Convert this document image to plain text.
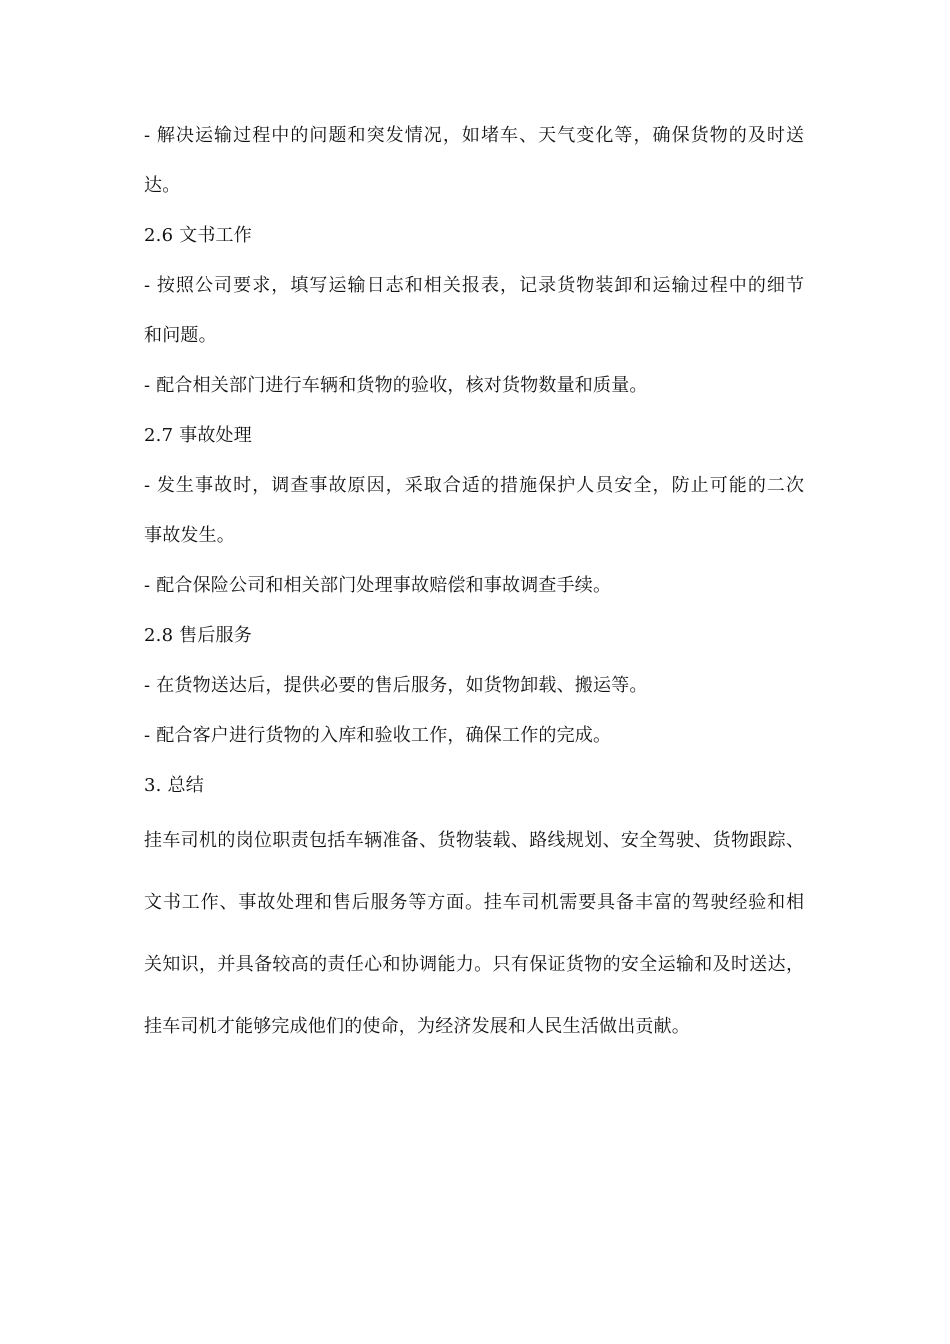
- 解决运输过程中的问题和突发情况，如堵车、天气变化等，确保货物的及时送
达。
2.6 文书工作
- 按照公司要求，填写运输日志和相关报表，记录货物装卸和运输过程中的细节
和问题。
- 配合相关部门进行车辆和货物的验收，核对货物数量和质量。
2.7 事故处理
- 发生事故时，调查事故原因，采取合适的措施保护人员安全，防止可能的二次
事故发生。
- 配合保险公司和相关部门处理事故赔偿和事故调查手续。
2.8 售后服务
- 在货物送达后，提供必要的售后服务，如货物卸载、搬运等。
- 配合客户进行货物的入库和验收工作，确保工作的完成。
3. 总结
挂车司机的岗位职责包括车辆准备、货物装载、路线规划、安全驾驶、货物跟踪、
文书工作、事故处理和售后服务等方面。挂车司机需要具备丰富的驾驶经验和相
关知识，并具备较高的责任心和协调能力。只有保证货物的安全运输和及时送达，
挂车司机才能够完成他们的使命，为经济发展和人民生活做出贡献。
